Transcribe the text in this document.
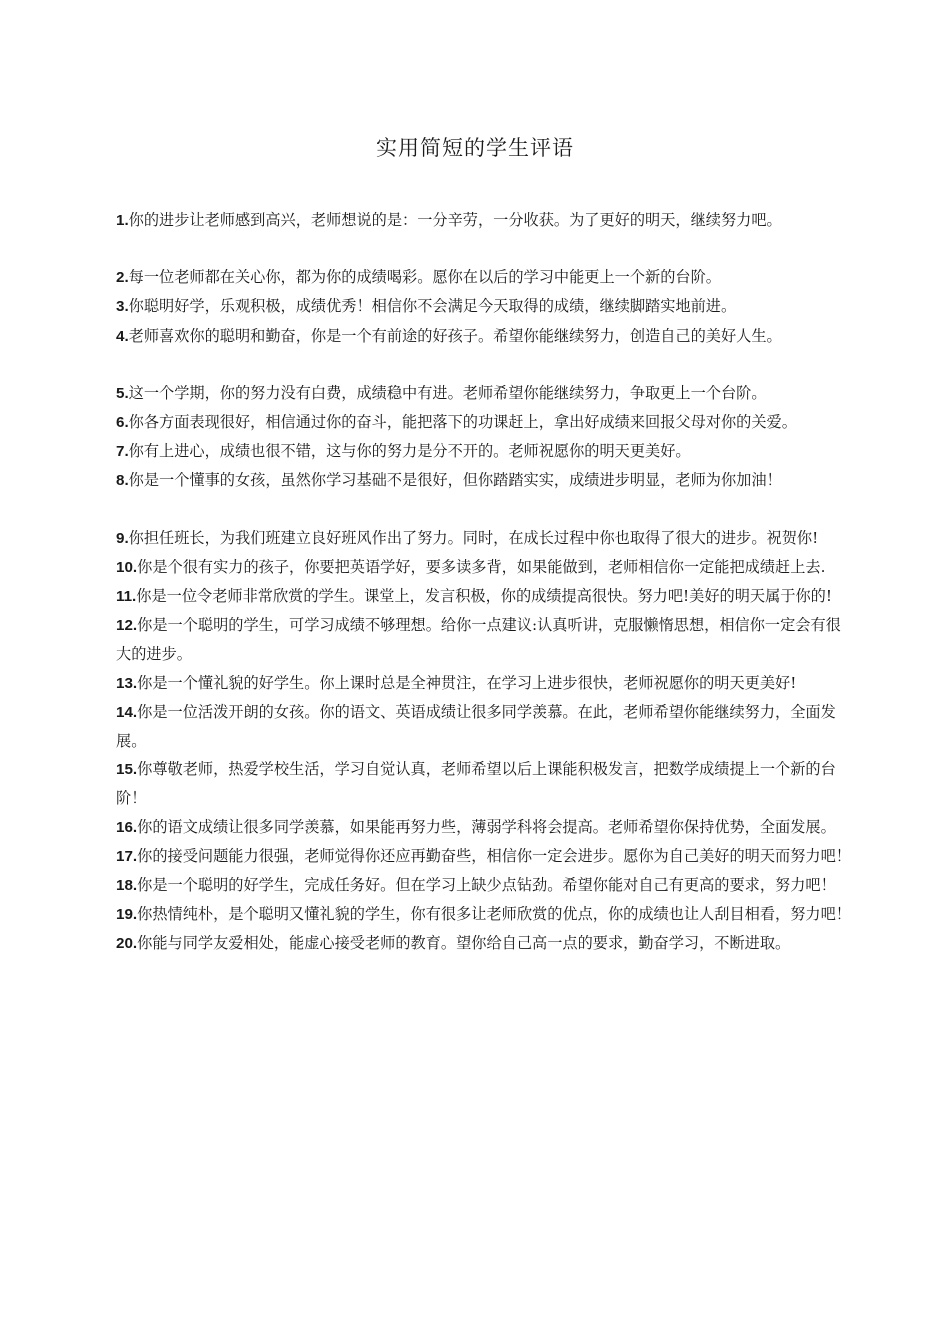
实用简短的学生评语

1.你的进步让老师感到高兴，老师想说的是：一分辛劳，一分收获。为了更好的明天，继续努力吧。

2.每一位老师都在关心你，都为你的成绩喝彩。愿你在以后的学习中能更上一个新的台阶。

3.你聪明好学，乐观积极，成绩优秀！相信你不会满足今天取得的成绩，继续脚踏实地前进。

4.老师喜欢你的聪明和勤奋，你是一个有前途的好孩子。希望你能继续努力，创造自己的美好人生。

5.这一个学期，你的努力没有白费，成绩稳中有进。老师希望你能继续努力，争取更上一个台阶。

6.你各方面表现很好，相信通过你的奋斗，能把落下的功课赶上，拿出好成绩来回报父母对你的关爱。

7.你有上进心，成绩也很不错，这与你的努力是分不开的。老师祝愿你的明天更美好。

8.你是一个懂事的女孩，虽然你学习基础不是很好，但你踏踏实实，成绩进步明显，老师为你加油！

9.你担任班长，为我们班建立良好班风作出了努力。同时，在成长过程中你也取得了很大的进步。祝贺你!

10.你是个很有实力的孩子，你要把英语学好，要多读多背，如果能做到，老师相信你一定能把成绩赶上去.

11.你是一位令老师非常欣赏的学生。课堂上，发言积极，你的成绩提高很快。努力吧!美好的明天属于你的!

12.你是一个聪明的学生，可学习成绩不够理想。给你一点建议:认真听讲，克服懒惰思想，相信你一定会有很大的进步。

13.你是一个懂礼貌的好学生。你上课时总是全神贯注，在学习上进步很快，老师祝愿你的明天更美好!

14.你是一位活泼开朗的女孩。你的语文、英语成绩让很多同学羡慕。在此，老师希望你能继续努力，全面发展。

15.你尊敬老师，热爱学校生活，学习自觉认真，老师希望以后上课能积极发言，把数学成绩提上一个新的台阶！

16.你的语文成绩让很多同学羡慕，如果能再努力些，薄弱学科将会提高。老师希望你保持优势，全面发展。

17.你的接受问题能力很强，老师觉得你还应再勤奋些，相信你一定会进步。愿你为自己美好的明天而努力吧！

18.你是一个聪明的好学生，完成任务好。但在学习上缺少点钻劲。希望你能对自己有更高的要求，努力吧！

19.你热情纯朴，是个聪明又懂礼貌的学生，你有很多让老师欣赏的优点，你的成绩也让人刮目相看，努力吧！

20.你能与同学友爱相处，能虚心接受老师的教育。望你给自己高一点的要求，勤奋学习，不断进取。
